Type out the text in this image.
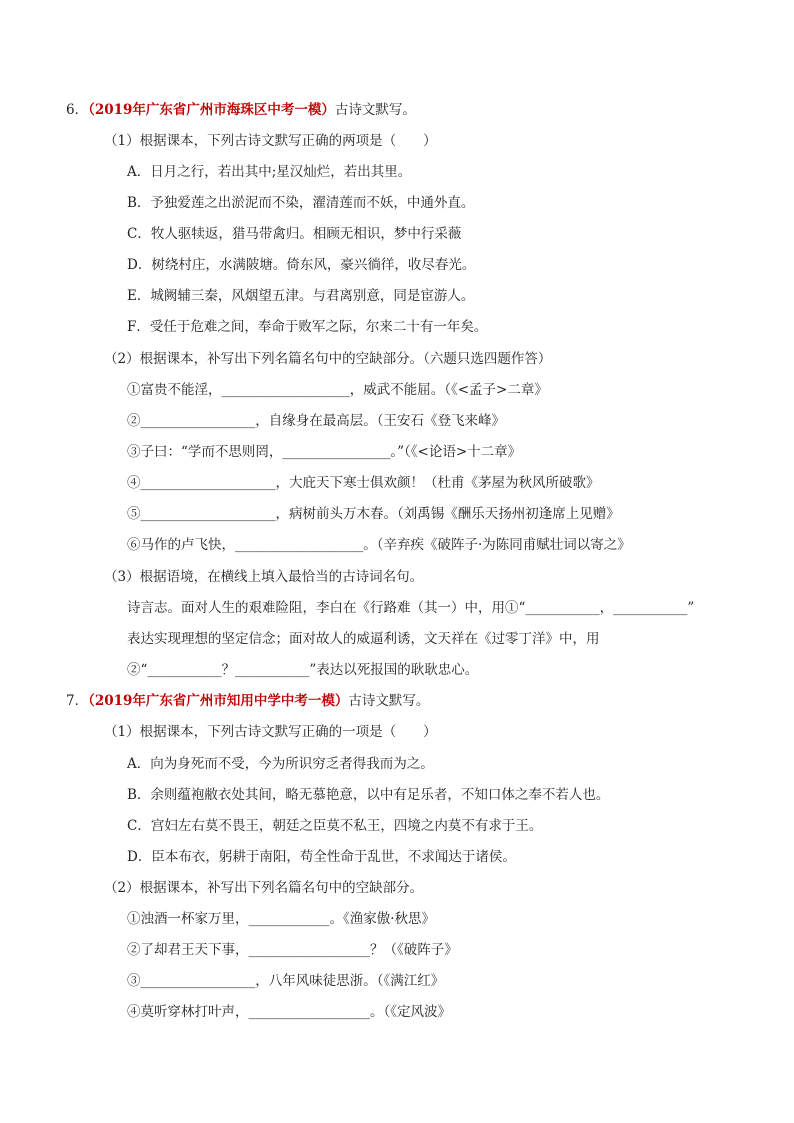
6．（2019年广东省广州市海珠区中考一模）古诗文默写。
（1）根据课本，下列古诗文默写正确的两项是（　　）
A．日月之行，若出其中;星汉灿烂，若出其里。
B．予独爱莲之出淤泥而不染，濯清莲而不妖，中通外直。
C．牧人驱犊返，猎马带禽归。相顾无相识，梦中行采薇
D．树绕村庄，水满陂塘。倚东风，豪兴徜徉，收尽春光。
E．城阙辅三秦，风烟望五津。与君离别意，同是宦游人。
F．受任于危难之间，奉命于败军之际，尔来二十有一年矣。
（2）根据课本，补写出下列名篇名句中的空缺部分。（六题只选四题作答）
①富贵不能淫，___________________，威武不能屈。（《<孟子>二章》
②_________________，自缘身在最高层。（王安石《登飞来峰》
③子曰：“学而不思则罔，________________。”（《<论语>十二章》
④____________________，大庇天下寒士俱欢颜！（杜甫《茅屋为秋风所破歌》
⑤____________________，病树前头万木春。（刘禹锡《酬乐天扬州初逢席上见赠》
⑥马作的卢飞快，___________________。（辛弃疾《破阵子·为陈同甫赋壮词以寄之》
（3）根据语境，在横线上填入最恰当的古诗词名句。
诗言志。面对人生的艰难险阻，李白在《行路难（其一）中，用①“___________，___________”
表达实现理想的坚定信念；面对故人的威逼利诱，文天祥在《过零丁洋》中，用
②“___________？___________”表达以死报国的耿耿忠心。
7．（2019年广东省广州市知用中学中考一模）古诗文默写。
（1）根据课本，下列古诗文默写正确的一项是（　　）
A．向为身死而不受，今为所识穷乏者得我而为之。
B．余则蕴袍敝衣处其间，略无慕艳意，以中有足乐者，不知口体之奉不若人也。
C．宫妇左右莫不畏王，朝廷之臣莫不私王，四境之内莫不有求于王。
D．臣本布衣，躬耕于南阳，苟全性命于乱世，不求闻达于诸侯。
（2）根据课本，补写出下列名篇名句中的空缺部分。
①浊酒一杯家万里，____________。《渔家傲·秋思》
②了却君王天下事，__________________？（《破阵子》
③_________________，八年风味徒思浙。（《满江红》
④莫听穿林打叶声，__________________。（《定风波》
